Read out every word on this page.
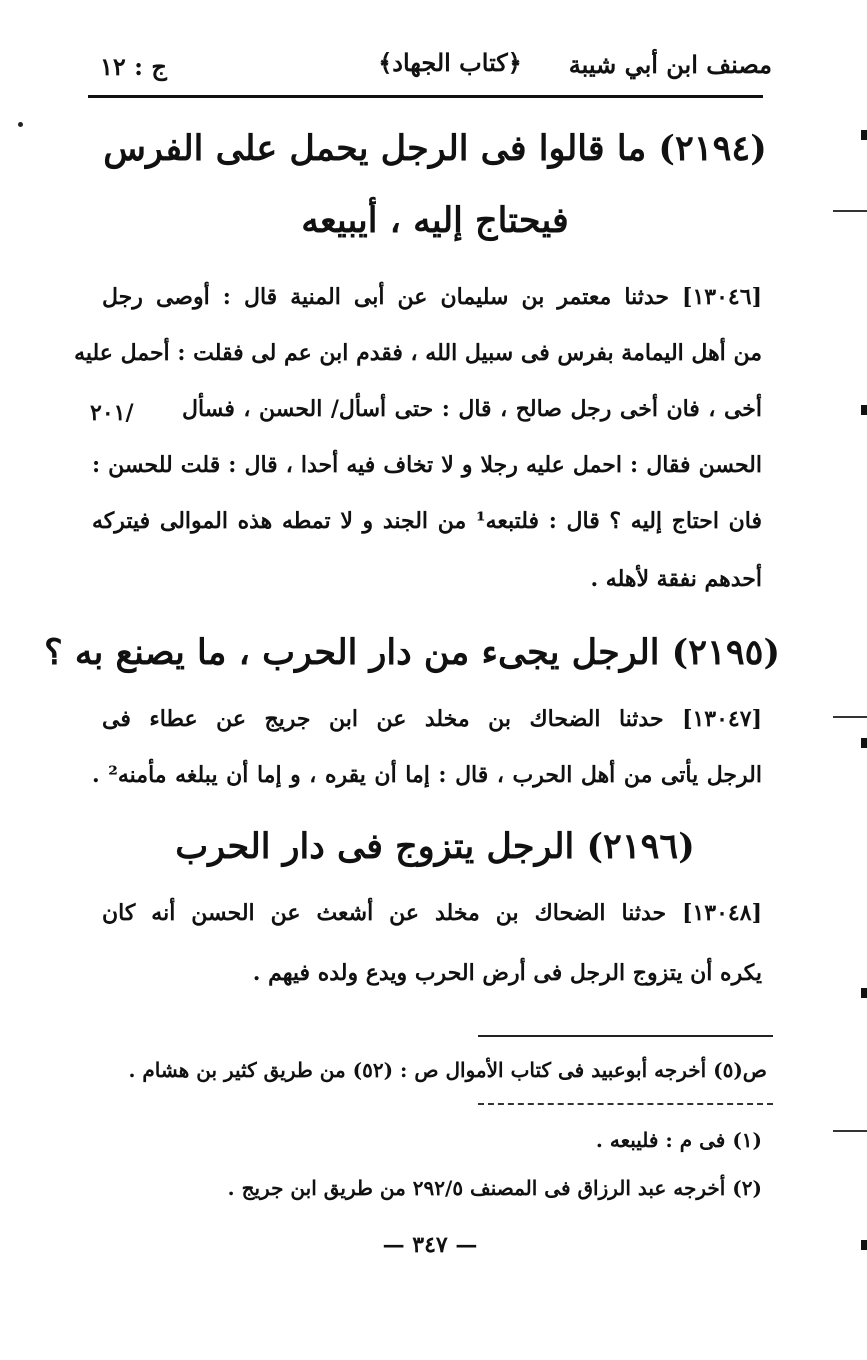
مصنف ابن أبي شيبة
﴿كتاب الجهاد﴾
ج : ١٢
(٢١٩٤) ما قالوا فى الرجل يحمل على الفرس
فيحتاج إليه ، أيبيعه
[١٣٠٤٦] حدثنا معتمر بن سليمان عن أبى المنية قال : أوصى رجل
من أهل اليمامة بفرس فى سبيل الله ، فقدم ابن عم لى فقلت : أحمل عليه
أخى ، فان أخى رجل صالح ، قال : حتى أسأل/ الحسن ، فسأل
٢٠١/
الحسن فقال : احمل عليه رجلا و لا تخاف فيه أحدا ، قال : قلت للحسن :
فان احتاج إليه ؟ قال : فلتبعه¹ من الجند و لا تمطه هذه الموالى فيتركه
أحدهم نفقة لأهله .
(٢١٩٥) الرجل يجىء من دار الحرب ، ما يصنع به ؟
[١٣٠٤٧] حدثنا الضحاك بن مخلد عن ابن جريج عن عطاء فى
الرجل يأتى من أهل الحرب ، قال : إما أن يقره ، و إما أن يبلغه مأمنه² .
(٢١٩٦) الرجل يتزوج فى دار الحرب
[١٣٠٤٨] حدثنا الضحاك بن مخلد عن أشعث عن الحسن أنه كان
يكره أن يتزوج الرجل فى أرض الحرب ويدع ولده فيهم .
ص(٥) أخرجه أبوعبيد فى كتاب الأموال ص : (٥٢) من طريق كثير بن هشام .
(١) فى م : فليبعه .
(٢) أخرجه عبد الرزاق فى المصنف ٢٩٢/٥ من طريق ابن جريج .
— ٣٤٧ —
